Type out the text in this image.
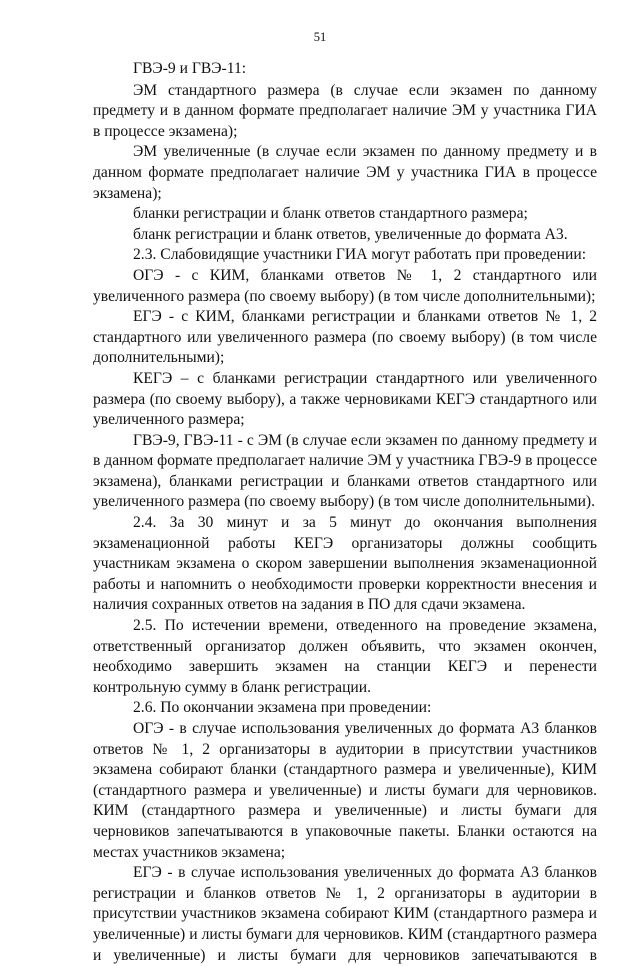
51

ГВЭ-9 и ГВЭ-11:

ЭМ стандартного размера (в случае если экзамен по данному предмету и в данном формате предполагает наличие ЭМ у участника ГИА в процессе экзамена);

ЭМ увеличенные (в случае если экзамен по данному предмету и в данном формате предполагает наличие ЭМ у участника ГИА в процессе экзамена);

бланки регистрации и бланк ответов стандартного размера;

бланк регистрации и бланк ответов, увеличенные до формата А3.

2.3. Слабовидящие участники ГИА могут работать при проведении:

ОГЭ - с КИМ, бланками ответов № 1, 2 стандартного или увеличенного размера (по своему выбору) (в том числе дополнительными);

ЕГЭ - с КИМ, бланками регистрации и бланками ответов № 1, 2 стандартного или увеличенного размера (по своему выбору) (в том числе дополнительными);

КЕГЭ – с бланками регистрации стандартного или увеличенного размера (по своему выбору), а также черновиками КЕГЭ стандартного или увеличенного размера;

ГВЭ-9, ГВЭ-11 - с ЭМ (в случае если экзамен по данному предмету и в данном формате предполагает наличие ЭМ у участника ГВЭ-9 в процессе экзамена), бланками регистрации и бланками ответов стандартного или увеличенного размера (по своему выбору) (в том числе дополнительными).

2.4. За 30 минут и за 5 минут до окончания выполнения экзаменационной работы КЕГЭ организаторы должны сообщить участникам экзамена о скором завершении выполнения экзаменационной работы и напомнить о необходимости проверки корректности внесения и наличия сохранных ответов на задания в ПО для сдачи экзамена.

2.5. По истечении времени, отведенного на проведение экзамена, ответственный организатор должен объявить, что экзамен окончен, необходимо завершить экзамен на станции КЕГЭ и перенести контрольную сумму в бланк регистрации.

2.6. По окончании экзамена при проведении:

ОГЭ - в случае использования увеличенных до формата А3 бланков ответов № 1, 2 организаторы в аудитории в присутствии участников экзамена собирают бланки (стандартного размера и увеличенные), КИМ (стандартного размера и увеличенные) и листы бумаги для черновиков. КИМ (стандартного размера и увеличенные) и листы бумаги для черновиков запечатываются в упаковочные пакеты. Бланки остаются на местах участников экзамена;

ЕГЭ - в случае использования увеличенных до формата А3 бланков регистрации и бланков ответов № 1, 2 организаторы в аудитории в присутствии участников экзамена собирают КИМ (стандартного размера и увеличенные) и листы бумаги для черновиков. КИМ (стандартного размера и увеличенные) и листы бумаги для черновиков запечатываются в
